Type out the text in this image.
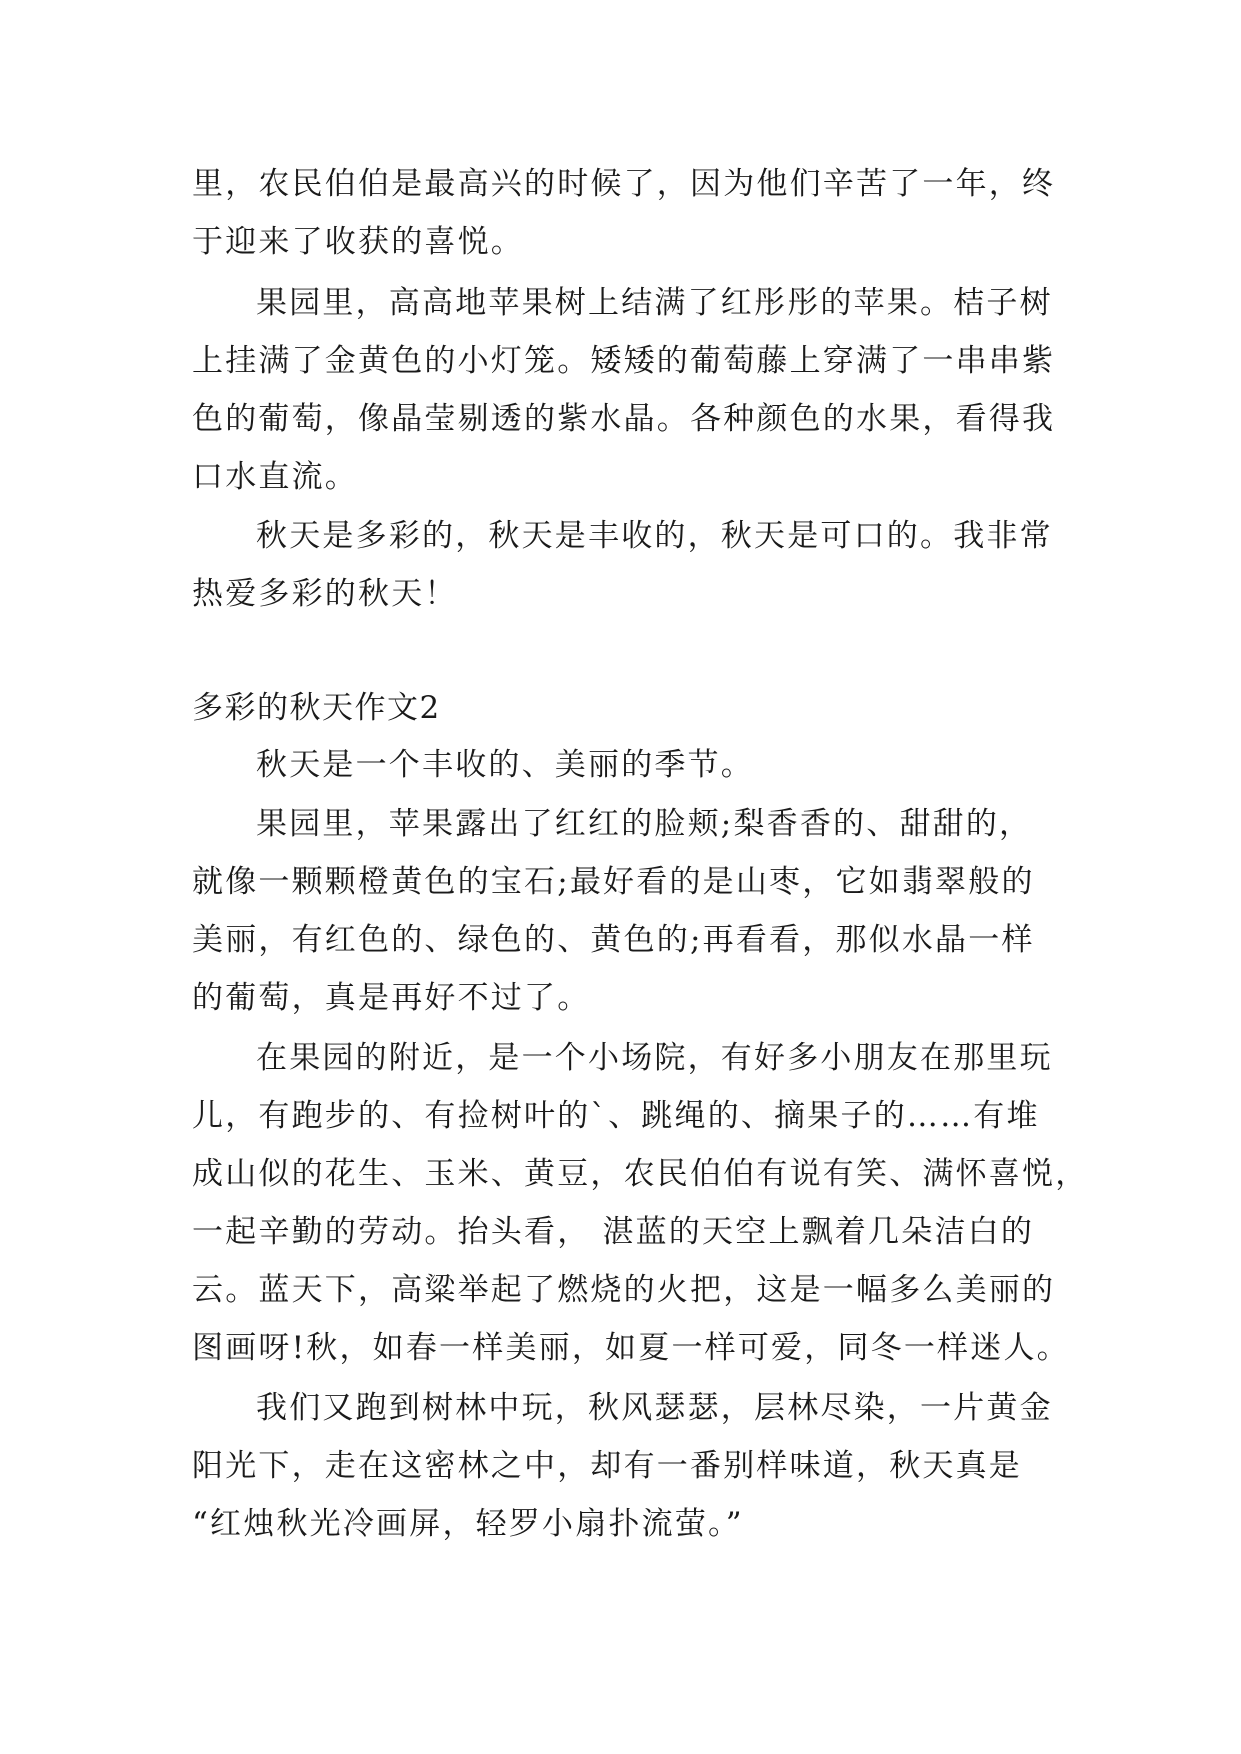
里，农民伯伯是最高兴的时候了，因为他们辛苦了一年，终
于迎来了收获的喜悦。
果园里，高高地苹果树上结满了红彤彤的苹果。桔子树
上挂满了金黄色的小灯笼。矮矮的葡萄藤上穿满了一串串紫
色的葡萄，像晶莹剔透的紫水晶。各种颜色的水果，看得我
口水直流。
秋天是多彩的，秋天是丰收的，秋天是可口的。我非常
热爱多彩的秋天！
多彩的秋天作文2
秋天是一个丰收的、美丽的季节。
果园里，苹果露出了红红的脸颊;梨香香的、甜甜的，
就像一颗颗橙黄色的宝石;最好看的是山枣，它如翡翠般的
美丽，有红色的、绿色的、黄色的;再看看，那似水晶一样
的葡萄，真是再好不过了。
在果园的附近，是一个小场院，有好多小朋友在那里玩
儿，有跑步的、有捡树叶的`、跳绳的、摘果子的……有堆
成山似的花生、玉米、黄豆，农民伯伯有说有笑、满怀喜悦，
一起辛勤的劳动。抬头看， 湛蓝的天空上飘着几朵洁白的
云。蓝天下，高粱举起了燃烧的火把，这是一幅多么美丽的
图画呀!秋，如春一样美丽，如夏一样可爱，同冬一样迷人。
我们又跑到树林中玩，秋风瑟瑟，层林尽染，一片黄金
阳光下，走在这密林之中，却有一番别样味道，秋天真是
“红烛秋光冷画屏，轻罗小扇扑流萤。”
